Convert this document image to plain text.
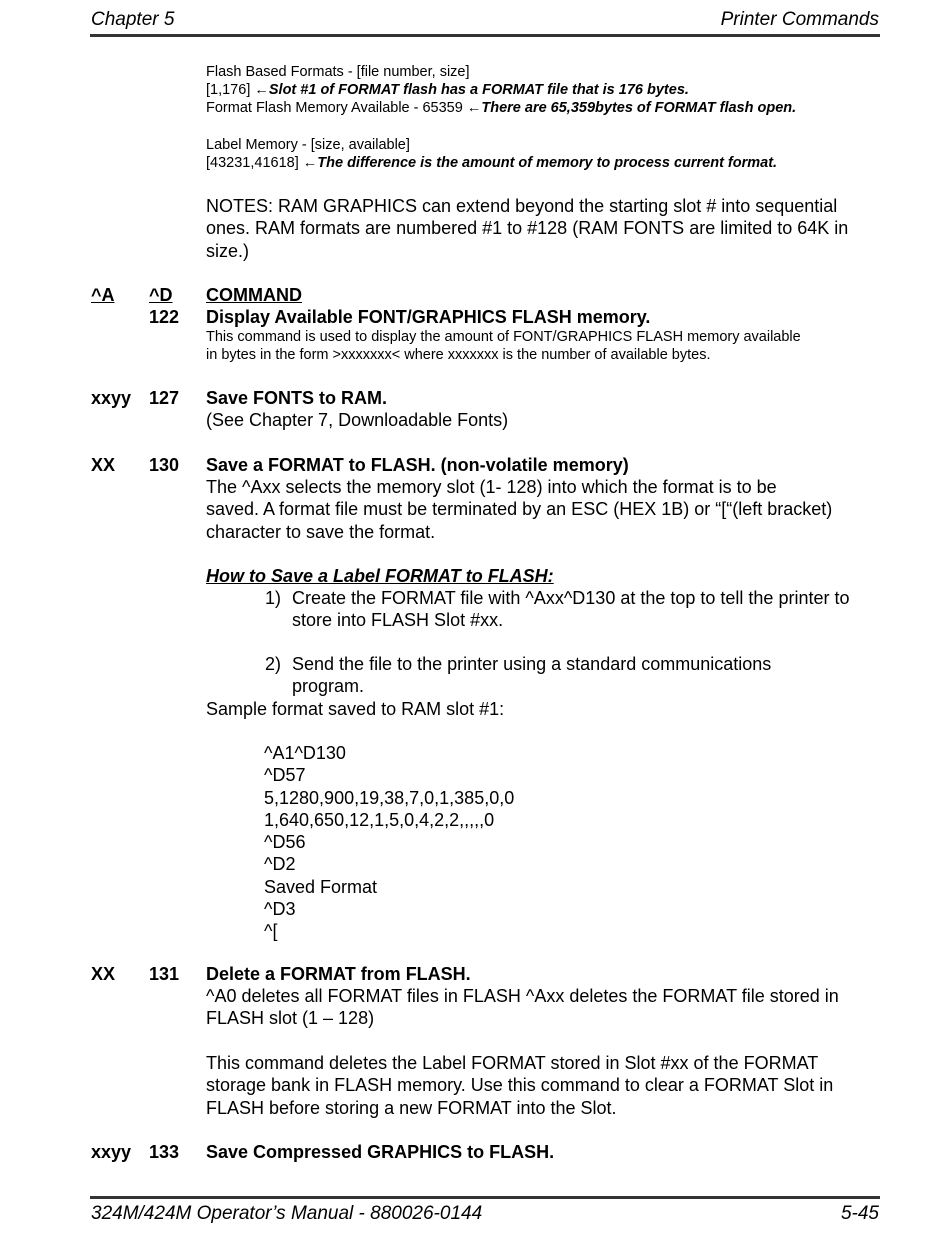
Chapter 5	Printer Commands
Flash Based Formats - [file number, size]
[1,176] ←Slot #1 of FORMAT flash has a FORMAT file that is 176 bytes.
Format Flash Memory Available - 65359 ←There are 65,359bytes of FORMAT flash open.
Label Memory - [size, available]
[43231,41618] ←The difference is the amount of memory to process current format.
NOTES: RAM GRAPHICS can extend beyond the starting slot # into sequential ones. RAM formats are numbered #1 to #128 (RAM FONTS are limited to 64K in size.)
^A ^D COMMAND
122 Display Available FONT/GRAPHICS FLASH memory.
This command is used to display the amount of FONT/GRAPHICS FLASH memory available
in bytes in the form >xxxxxxx< where xxxxxxx is the number of available bytes.
xxyy 127 Save FONTS to RAM.
(See Chapter 7, Downloadable Fonts)
XX 130 Save a FORMAT to FLASH. (non-volatile memory)
The ^Axx selects the memory slot (1- 128) into which the format is to be saved. A format file must be terminated by an ESC (HEX 1B) or “[“(left bracket) character to save the format.
How to Save a Label FORMAT to FLASH:
1) Create the FORMAT file with ^Axx^D130 at the top to tell the printer to store into FLASH Slot #xx.
2) Send the file to the printer using a standard communications program.
Sample format saved to RAM slot #1:
^A1^D130
^D57
5,1280,900,19,38,7,0,1,385,0,0
1,640,650,12,1,5,0,4,2,2,,,,,0
^D56
^D2
Saved Format
^D3
^[
XX 131 Delete a FORMAT from FLASH.
^A0 deletes all FORMAT files in FLASH ^Axx deletes the FORMAT file stored in FLASH slot (1 – 128)
This command deletes the Label FORMAT stored in Slot #xx of the FORMAT storage bank in FLASH memory. Use this command to clear a FORMAT Slot in FLASH before storing a new FORMAT into the Slot.
xxyy 133 Save Compressed GRAPHICS to FLASH.
324M/424M Operator’s Manual - 880026-0144	5-45
